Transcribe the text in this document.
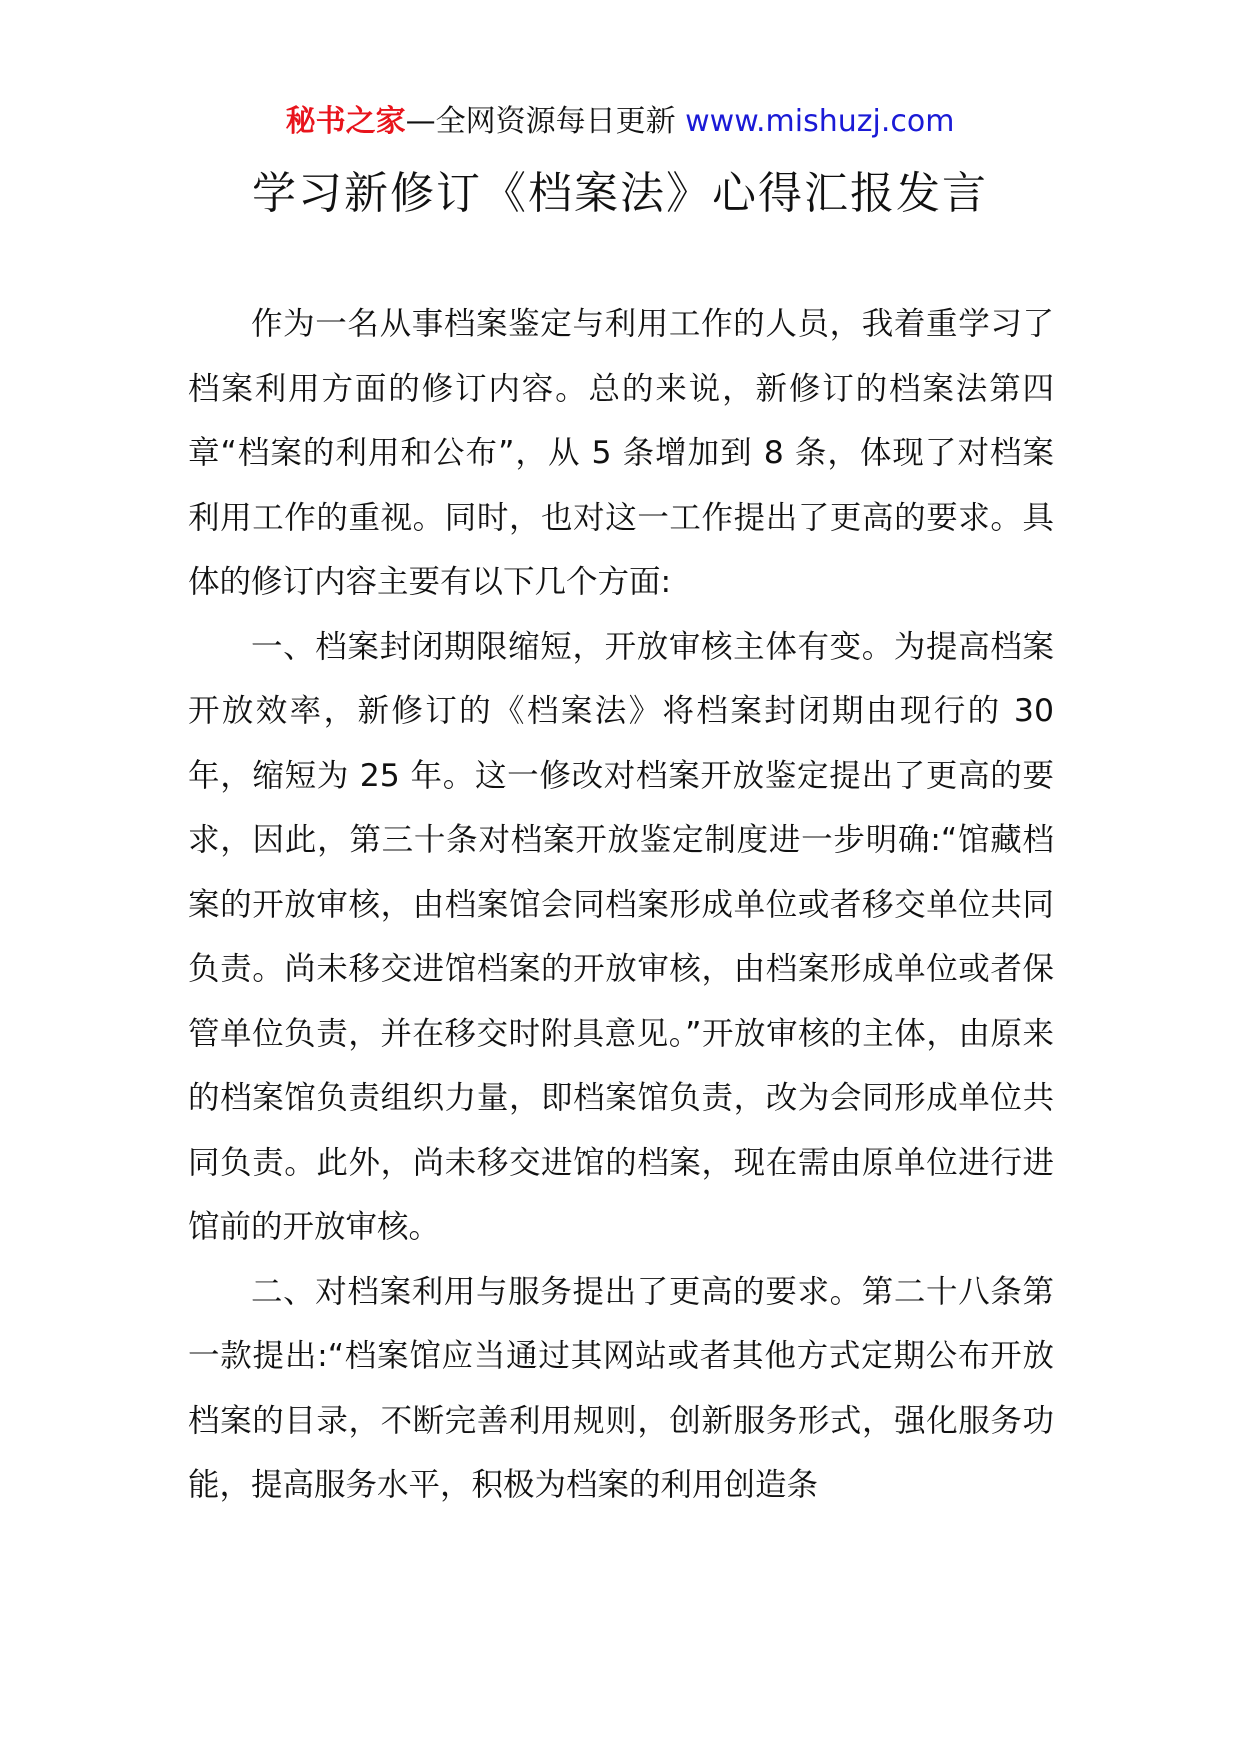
秘书之家—全网资源每日更新 www.mishuzj.com
学习新修订《档案法》心得汇报发言

作为一名从事档案鉴定与利用工作的人员，我着重学习了档案利用方面的修订内容。总的来说，新修订的档案法第四章“档案的利用和公布”，从 5 条增加到 8 条，体现了对档案利用工作的重视。同时，也对这一工作提出了更高的要求。具体的修订内容主要有以下几个方面:

一、档案封闭期限缩短，开放审核主体有变。为提高档案开放效率，新修订的《档案法》将档案封闭期由现行的 30 年，缩短为 25 年。这一修改对档案开放鉴定提出了更高的要求，因此，第三十条对档案开放鉴定制度进一步明确:“馆藏档案的开放审核，由档案馆会同档案形成单位或者移交单位共同负责。尚未移交进馆档案的开放审核，由档案形成单位或者保管单位负责，并在移交时附具意见。”开放审核的主体，由原来的档案馆负责组织力量，即档案馆负责，改为会同形成单位共同负责。此外，尚未移交进馆的档案，现在需由原单位进行进馆前的开放审核。

二、对档案利用与服务提出了更高的要求。第二十八条第一款提出:“档案馆应当通过其网站或者其他方式定期公布开放档案的目录，不断完善利用规则，创新服务形式，强化服务功能，提高服务水平，积极为档案的利用创造条
